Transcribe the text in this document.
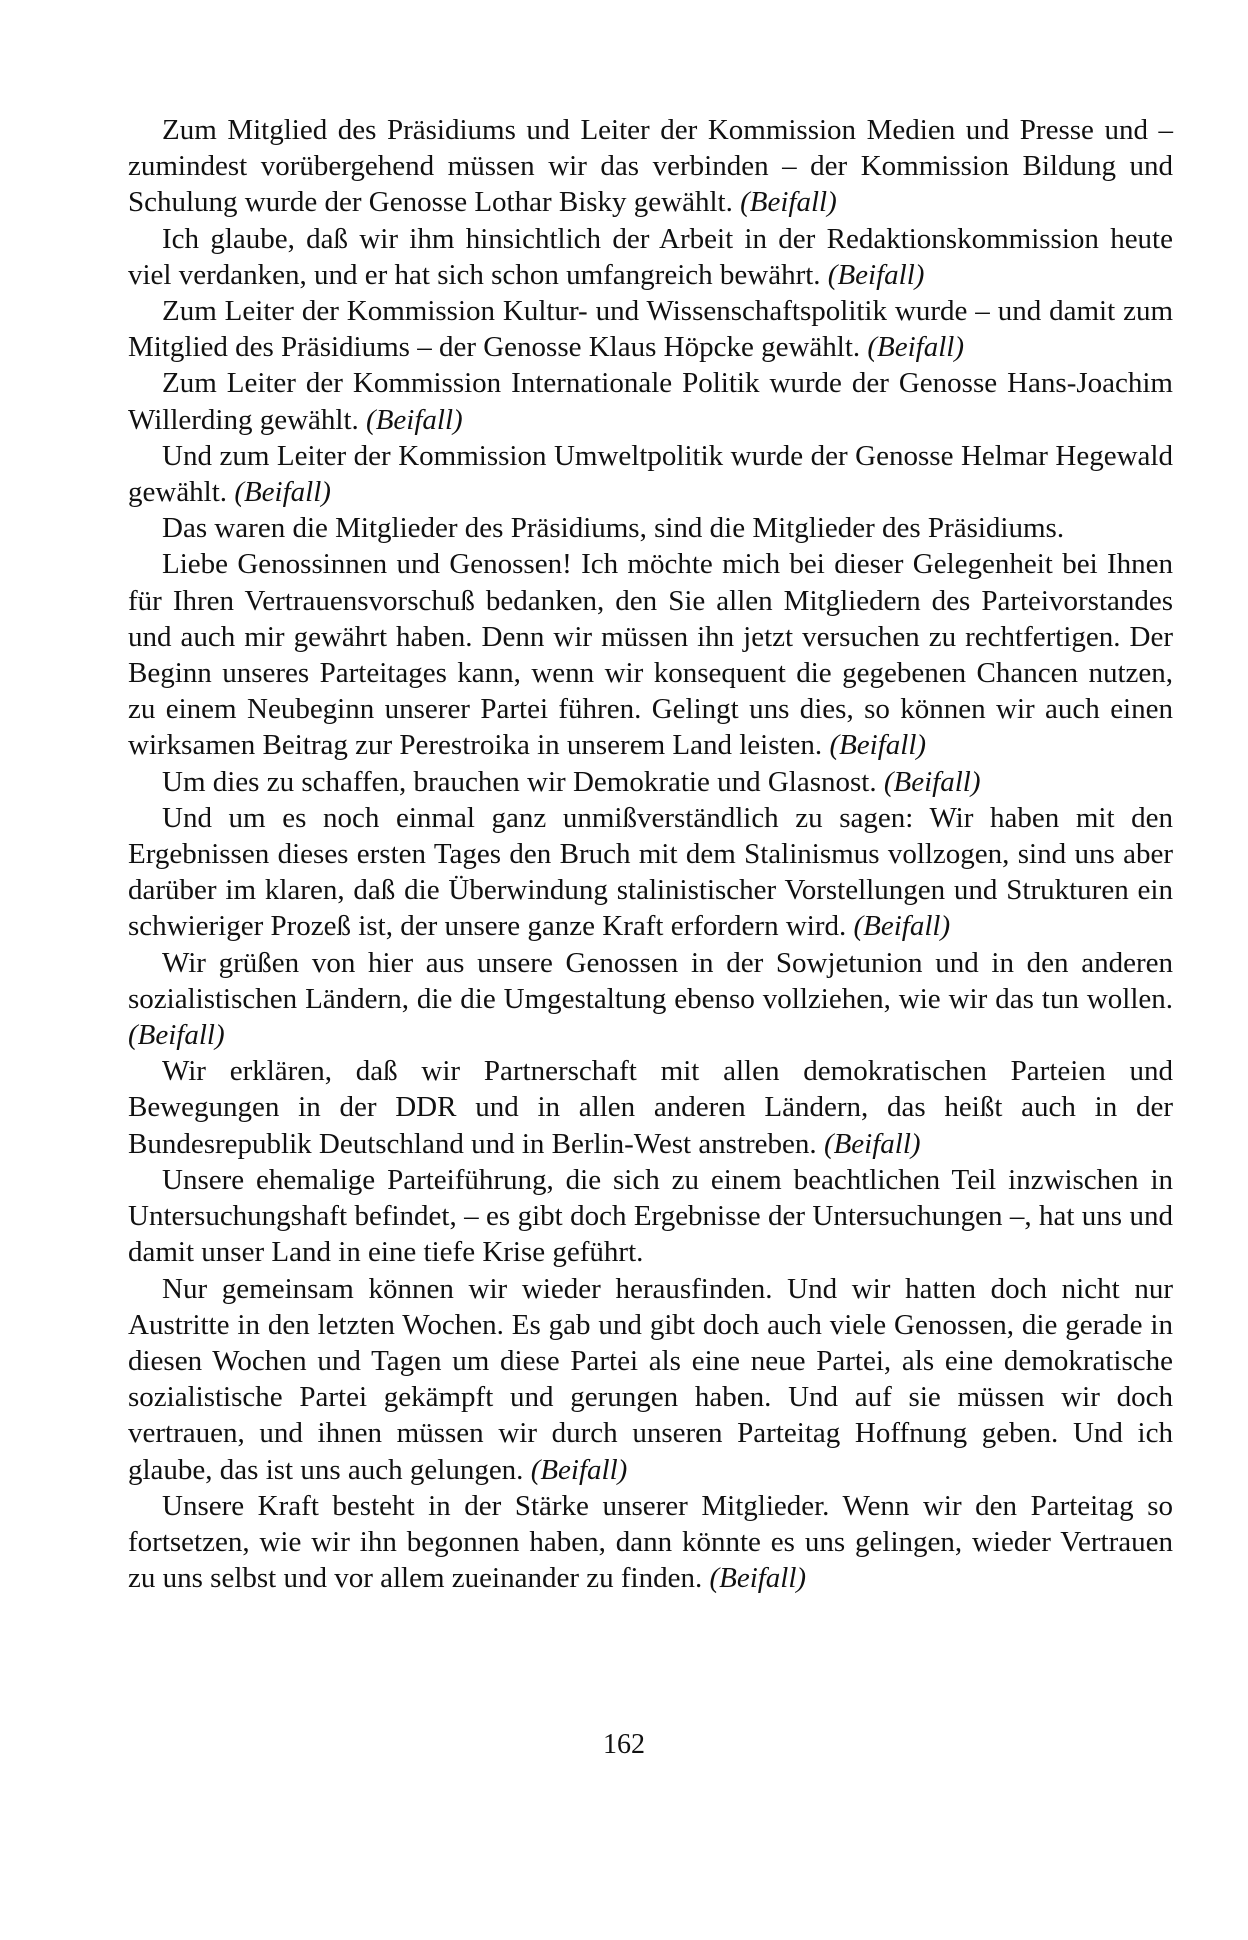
Zum Mitglied des Präsidiums und Leiter der Kommission Medien und Presse und – zumindest vorübergehend müssen wir das verbinden – der Kommission Bildung und Schulung wurde der Genosse Lothar Bisky gewählt. (Beifall)

Ich glaube, daß wir ihm hinsichtlich der Arbeit in der Redaktionskommission heute viel verdanken, und er hat sich schon umfangreich bewährt. (Beifall)

Zum Leiter der Kommission Kultur- und Wissenschaftspolitik wurde – und damit zum Mitglied des Präsidiums – der Genosse Klaus Höpcke gewählt. (Beifall)

Zum Leiter der Kommission Internationale Politik wurde der Genosse Hans-Joachim Willerding gewählt. (Beifall)

Und zum Leiter der Kommission Umweltpolitik wurde der Genosse Helmar Hegewald gewählt. (Beifall)

Das waren die Mitglieder des Präsidiums, sind die Mitglieder des Präsidiums.

Liebe Genossinnen und Genossen! Ich möchte mich bei dieser Gelegenheit bei Ihnen für Ihren Vertrauensvorschuß bedanken, den Sie allen Mitgliedern des Parteivorstandes und auch mir gewährt haben. Denn wir müssen ihn jetzt versuchen zu rechtfertigen. Der Beginn unseres Parteitages kann, wenn wir konsequent die gegebenen Chancen nutzen, zu einem Neubeginn unserer Partei führen. Gelingt uns dies, so können wir auch einen wirksamen Beitrag zur Perestroika in unserem Land leisten. (Beifall)

Um dies zu schaffen, brauchen wir Demokratie und Glasnost. (Beifall)

Und um es noch einmal ganz unmißverständlich zu sagen: Wir haben mit den Ergebnissen dieses ersten Tages den Bruch mit dem Stalinismus vollzogen, sind uns aber darüber im klaren, daß die Überwindung stalinistischer Vorstellungen und Strukturen ein schwieriger Prozeß ist, der unsere ganze Kraft erfordern wird. (Beifall)

Wir grüßen von hier aus unsere Genossen in der Sowjetunion und in den anderen sozialistischen Ländern, die die Umgestaltung ebenso vollziehen, wie wir das tun wollen. (Beifall)

Wir erklären, daß wir Partnerschaft mit allen demokratischen Parteien und Bewegungen in der DDR und in allen anderen Ländern, das heißt auch in der Bundesrepublik Deutschland und in Berlin-West anstreben. (Beifall)

Unsere ehemalige Parteiführung, die sich zu einem beachtlichen Teil inzwischen in Untersuchungshaft befindet, – es gibt doch Ergebnisse der Untersuchungen –, hat uns und damit unser Land in eine tiefe Krise geführt.

Nur gemeinsam können wir wieder herausfinden. Und wir hatten doch nicht nur Austritte in den letzten Wochen. Es gab und gibt doch auch viele Genossen, die gerade in diesen Wochen und Tagen um diese Partei als eine neue Partei, als eine demokratische sozialistische Partei gekämpft und gerungen haben. Und auf sie müssen wir doch vertrauen, und ihnen müssen wir durch unseren Parteitag Hoffnung geben. Und ich glaube, das ist uns auch gelungen. (Beifall)

Unsere Kraft besteht in der Stärke unserer Mitglieder. Wenn wir den Parteitag so fortsetzen, wie wir ihn begonnen haben, dann könnte es uns gelingen, wieder Vertrauen zu uns selbst und vor allem zueinander zu finden. (Beifall)

162
